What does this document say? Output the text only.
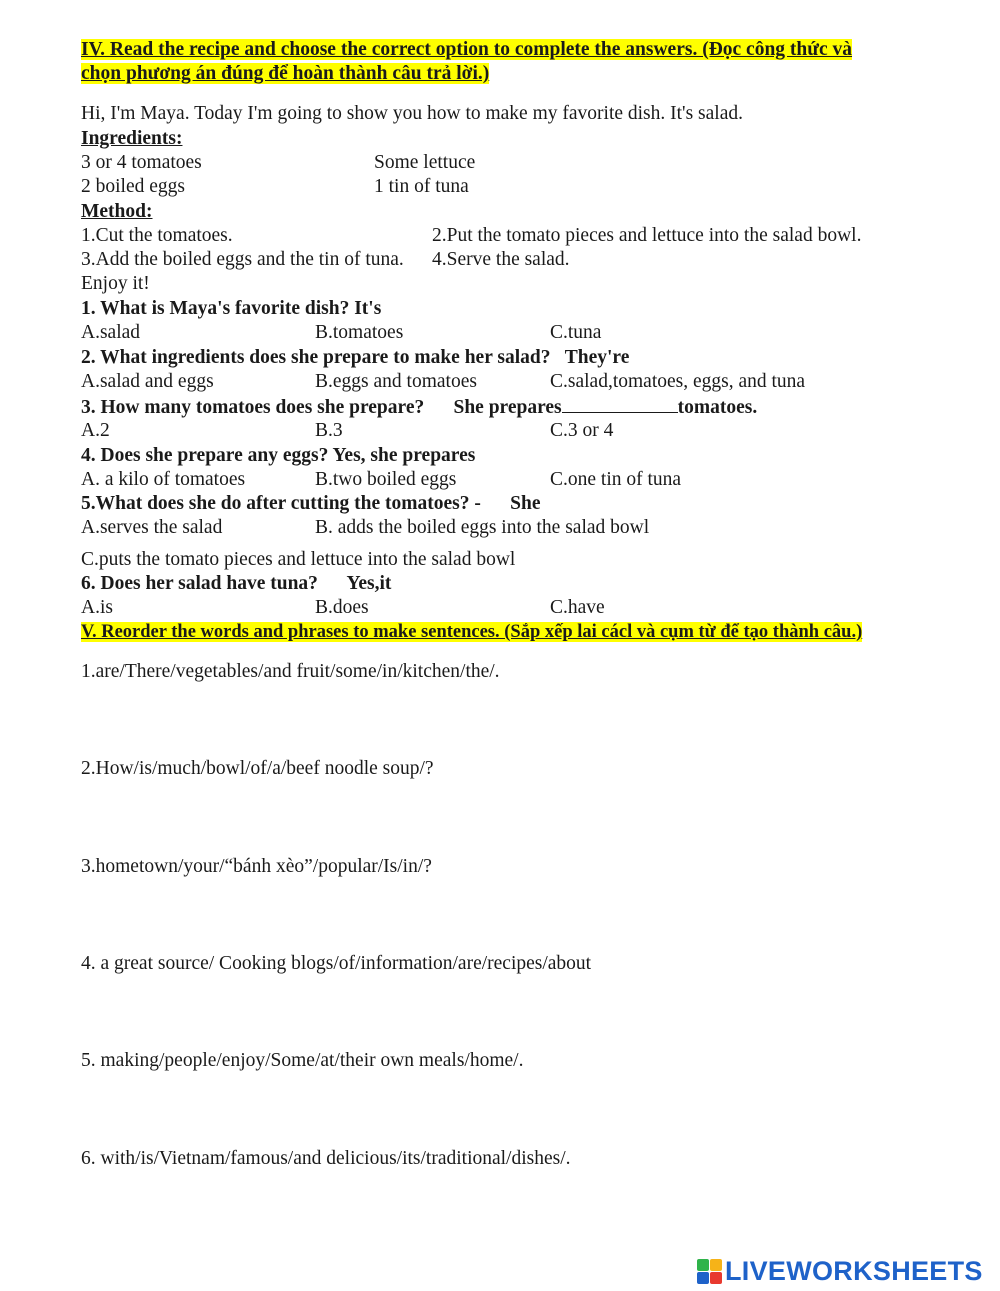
IV. Read the recipe and choose the correct option to complete the answers. (Đọc công thức và
chọn phương án đúng để hoàn thành câu trả lời.)
Hi, I'm Maya. Today I'm going to show you how to make my favorite dish. It's salad.
Ingredients:
3 or 4 tomatoes	Some lettuce
2 boiled eggs	1 tin of tuna
Method:
1.Cut the tomatoes.	2.Put the tomato pieces and lettuce into the salad bowl.
3.Add the boiled eggs and the tin of tuna. 4.Serve the salad.
Enjoy it!
1. What is Maya's favorite dish? It's
A.salad	B.tomatoes	C.tuna
2. What ingredients does she prepare to make her salad?   They're
A.salad and eggs	B.eggs and tomatoes	C.salad,tomatoes, eggs, and tuna
3. How many tomatoes does she prepare?      She prepares	tomatoes.
A.2	B.3	C.3 or 4
4. Does she prepare any eggs? Yes, she prepares
A. a kilo of tomatoes	B.two boiled eggs	C.one tin of tuna
5.What does she do after cutting the tomatoes? -      She
A.serves the salad	B. adds the boiled eggs into the salad bowl
C.puts the tomato pieces and lettuce into the salad bowl
6. Does her salad have tuna?      Yes,it
A.is	B.does	C.have
V. Reorder the words and phrases to make sentences. (Sắp xếp lai cácl và cụm từ để tạo thành câu.)
1.are/There/vegetables/and fruit/some/in/kitchen/the/.
2.How/is/much/bowl/of/a/beef noodle soup/?
3.hometown/your/“bánh xèo”/popular/Is/in/?
4. a great source/ Cooking blogs/of/information/are/recipes/about
5. making/people/enjoy/Some/at/their own meals/home/.
6. with/is/Vietnam/famous/and delicious/its/traditional/dishes/.
LIVEWORKSHEETS
